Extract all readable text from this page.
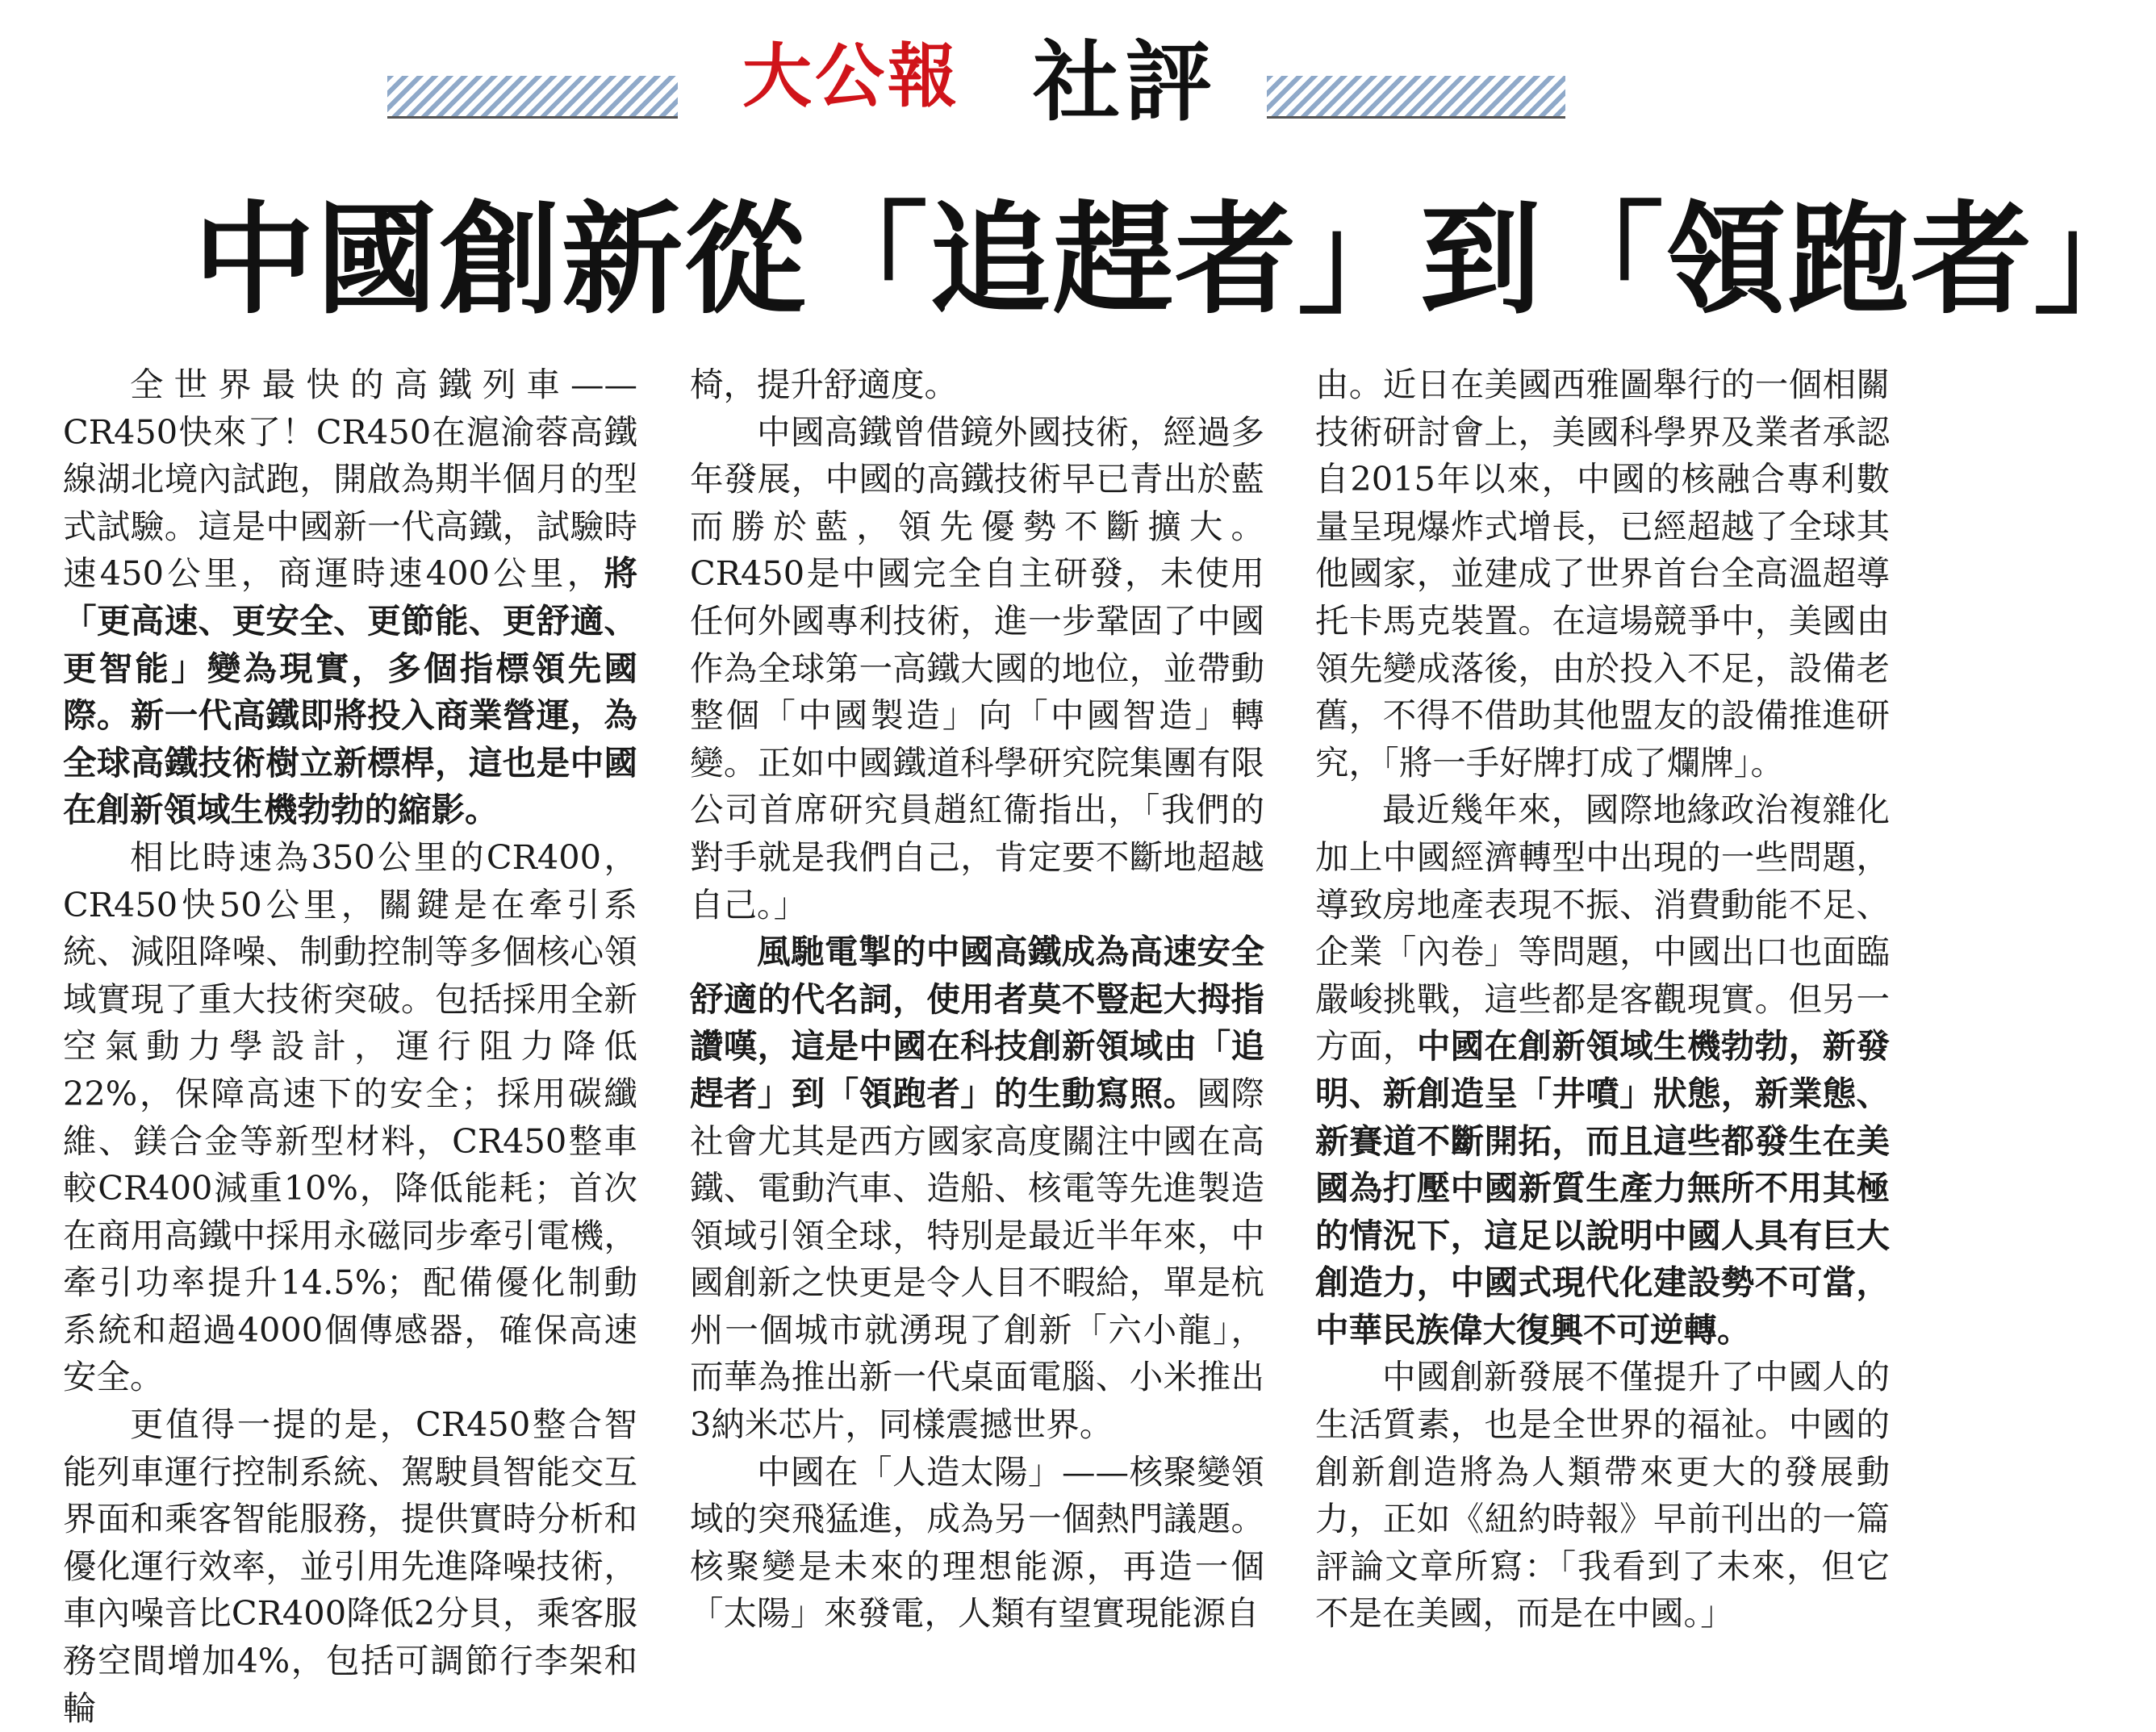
大公報 社評
中國創新從「追趕者」到「領跑者」

全世界最快的高鐵列車——CR450快來了！CR450在滬渝蓉高鐵線湖北境內試跑，開啟為期半個月的型式試驗。這是中國新一代高鐵，試驗時速450公里，商運時速400公里，將「更高速、更安全、更節能、更舒適、更智能」變為現實，多個指標領先國際。新一代高鐵即將投入商業營運，為全球高鐵技術樹立新標桿，這也是中國在創新領域生機勃勃的縮影。

相比時速為350公里的CR400，CR450快50公里，關鍵是在牽引系統、減阻降噪、制動控制等多個核心領域實現了重大技術突破。包括採用全新空氣動力學設計，運行阻力降低22%，保障高速下的安全；採用碳纖維、鎂合金等新型材料，CR450整車較CR400減重10%，降低能耗；首次在商用高鐵中採用永磁同步牽引電機，牽引功率提升14.5%；配備優化制動系統和超過4000個傳感器，確保高速安全。

更值得一提的是，CR450整合智能列車運行控制系統、駕駛員智能交互界面和乘客智能服務，提供實時分析和優化運行效率，並引用先進降噪技術，車內噪音比CR400降低2分貝，乘客服務空間增加4%，包括可調節行李架和輪

椅，提升舒適度。

中國高鐵曾借鏡外國技術，經過多年發展，中國的高鐵技術早已青出於藍而勝於藍，領先優勢不斷擴大。CR450是中國完全自主研發，未使用任何外國專利技術，進一步鞏固了中國作為全球第一高鐵大國的地位，並帶動整個「中國製造」向「中國智造」轉變。正如中國鐵道科學研究院集團有限公司首席研究員趙紅衞指出，「我們的對手就是我們自己，肯定要不斷地超越自己。」

風馳電掣的中國高鐵成為高速安全舒適的代名詞，使用者莫不豎起大拇指讚嘆，這是中國在科技創新領域由「追趕者」到「領跑者」的生動寫照。國際社會尤其是西方國家高度關注中國在高鐵、電動汽車、造船、核電等先進製造領域引領全球，特別是最近半年來，中國創新之快更是令人目不暇給，單是杭州一個城市就湧現了創新「六小龍」，而華為推出新一代桌面電腦、小米推出3納米芯片，同樣震撼世界。

中國在「人造太陽」——核聚變領域的突飛猛進，成為另一個熱門議題。核聚變是未來的理想能源，再造一個「太陽」來發電，人類有望實現能源自

由。近日在美國西雅圖舉行的一個相關技術研討會上，美國科學界及業者承認自2015年以來，中國的核融合專利數量呈現爆炸式增長，已經超越了全球其他國家，並建成了世界首台全高溫超導托卡馬克裝置。在這場競爭中，美國由領先變成落後，由於投入不足，設備老舊，不得不借助其他盟友的設備推進研究，「將一手好牌打成了爛牌」。

最近幾年來，國際地緣政治複雜化加上中國經濟轉型中出現的一些問題，導致房地產表現不振、消費動能不足、企業「內卷」等問題，中國出口也面臨嚴峻挑戰，這些都是客觀現實。但另一方面，中國在創新領域生機勃勃，新發明、新創造呈「井噴」狀態，新業態、新賽道不斷開拓，而且這些都發生在美國為打壓中國新質生產力無所不用其極的情況下，這足以說明中國人具有巨大創造力，中國式現代化建設勢不可當，中華民族偉大復興不可逆轉。

中國創新發展不僅提升了中國人的生活質素，也是全世界的福祉。中國的創新創造將為人類帶來更大的發展動力，正如《紐約時報》早前刊出的一篇評論文章所寫：「我看到了未來，但它不是在美國，而是在中國。」
